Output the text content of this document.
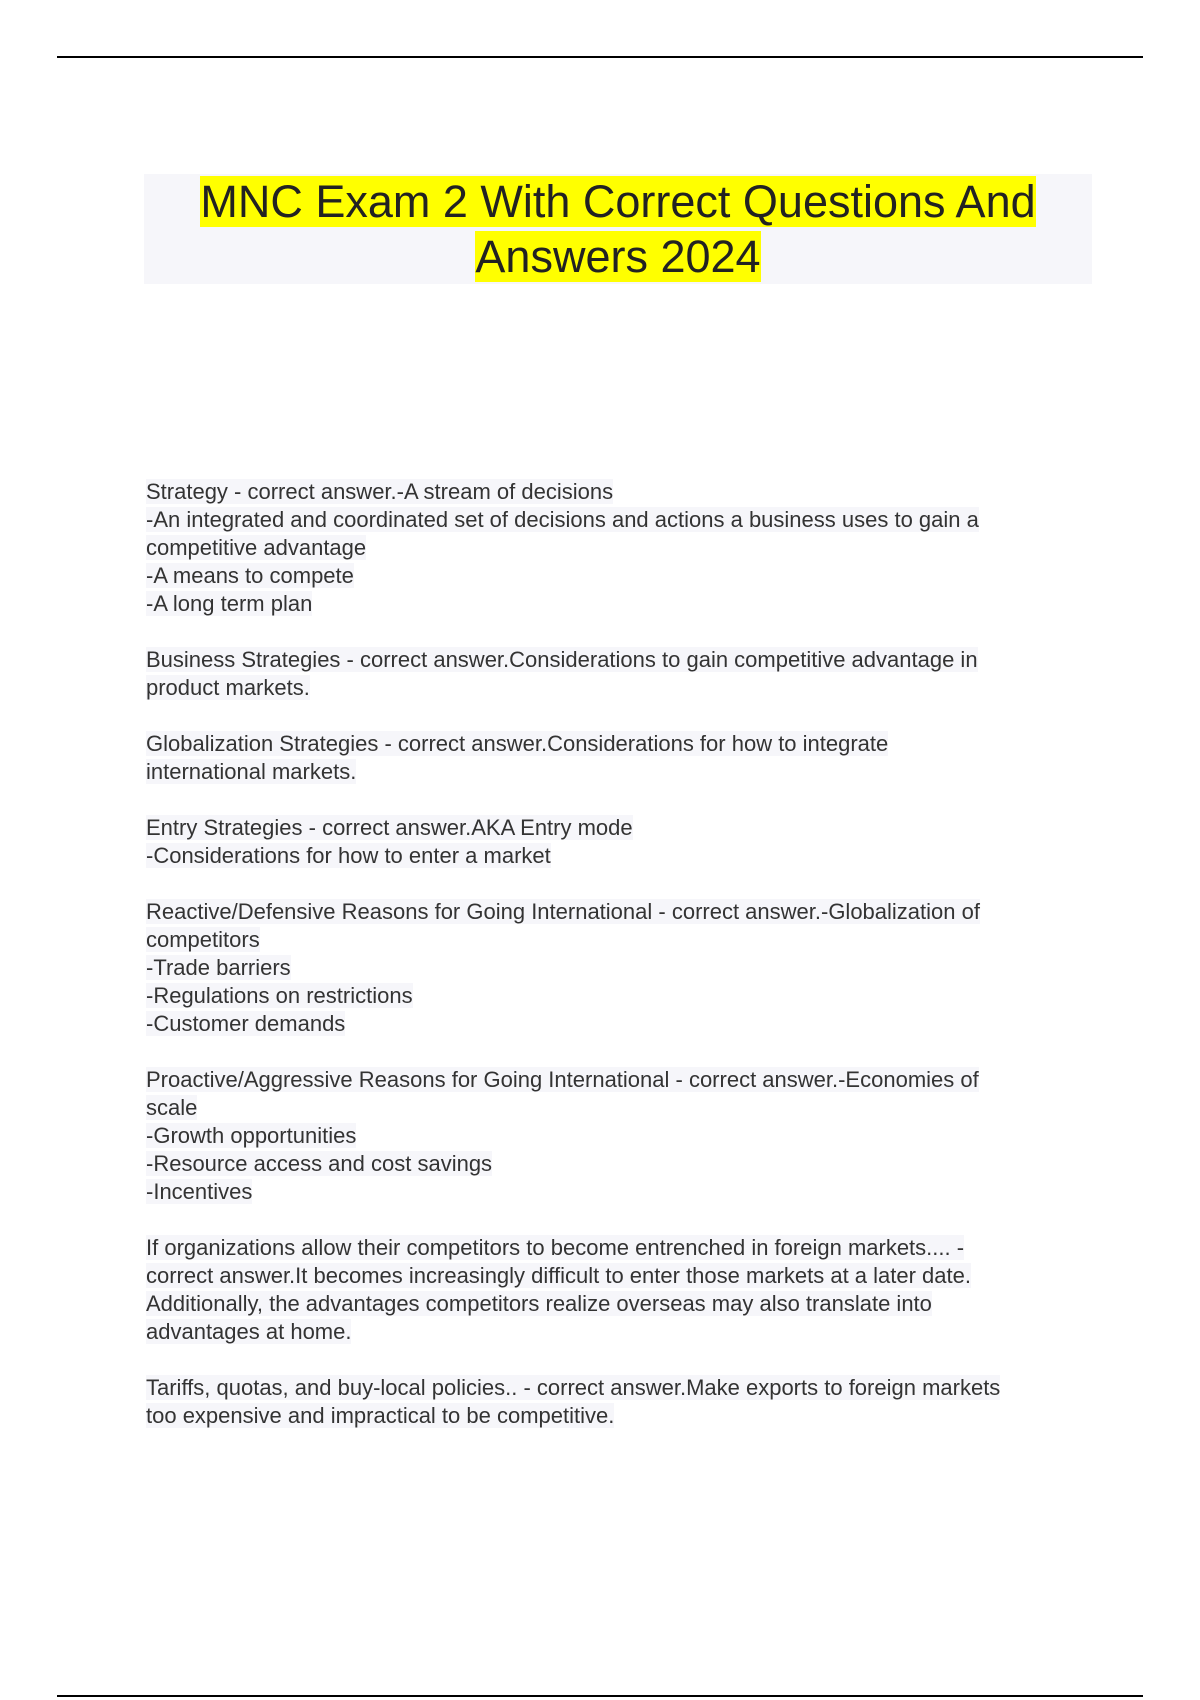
MNC Exam 2 With Correct Questions And
Answers 2024
Strategy - correct answer.-A stream of decisions
-An integrated and coordinated set of decisions and actions a business uses to gain a
competitive advantage
-A means to compete
-A long term plan
Business Strategies - correct answer.Considerations to gain competitive advantage in
product markets.
Globalization Strategies - correct answer.Considerations for how to integrate
international markets.
Entry Strategies - correct answer.AKA Entry mode
-Considerations for how to enter a market
Reactive/Defensive Reasons for Going International - correct answer.-Globalization of
competitors
-Trade barriers
-Regulations on restrictions
-Customer demands
Proactive/Aggressive Reasons for Going International - correct answer.-Economies of
scale
-Growth opportunities
-Resource access and cost savings
-Incentives
If organizations allow their competitors to become entrenched in foreign markets.... -
correct answer.It becomes increasingly difficult to enter those markets at a later date.
Additionally, the advantages competitors realize overseas may also translate into
advantages at home.
Tariffs, quotas, and buy-local policies.. - correct answer.Make exports to foreign markets
too expensive and impractical to be competitive.
